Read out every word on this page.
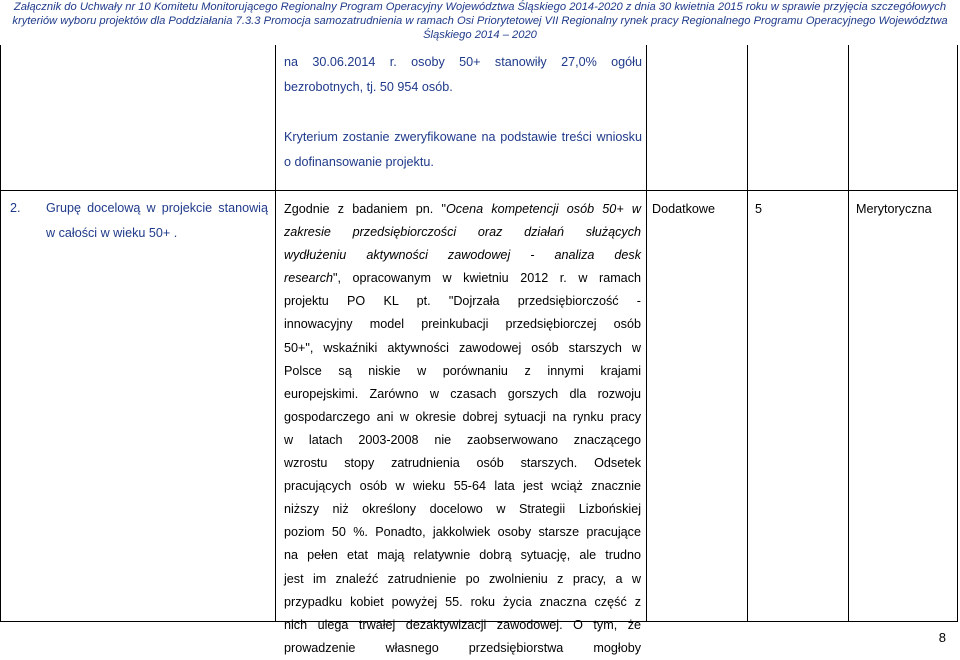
Załącznik do Uchwały nr 10 Komitetu Monitorującego Regionalny Program Operacyjny Województwa Śląskiego 2014-2020 z dnia 30 kwietnia 2015 roku w sprawie przyjęcia szczegółowych
kryteriów wyboru projektów dla Poddziałania 7.3.3 Promocja samozatrudnienia w ramach Osi Priorytetowej VII Regionalny rynek pracy Regionalnego Programu Operacyjnego Województwa
Śląskiego 2014 – 2020

na 30.06.2014 r. osoby 50+ stanowiły 27,0% ogółu bezrobotnych, tj. 50 954 osób.

Kryterium zostanie zweryfikowane na podstawie treści wniosku o dofinansowanie projektu.

2. Grupę docelową w projekcie stanowią w całości w wieku 50+ .
Zgodnie z badaniem pn. "Ocena kompetencji osób 50+ w
zakresie przedsiębiorczości oraz działań służących
wydłużeniu aktywności zawodowej - analiza desk
research", opracowanym w kwietniu 2012 r. w ramach
projektu PO KL pt. "Dojrzała przedsiębiorczość -
innowacyjny model preinkubacji przedsiębiorczej osób
50+", wskaźniki aktywności zawodowej osób starszych w
Polsce są niskie w porównaniu z innymi krajami
europejskimi. Zarówno w czasach gorszych dla rozwoju
gospodarczego ani w okresie dobrej sytuacji na rynku pracy
w latach 2003-2008 nie zaobserwowano znaczącego
wzrostu stopy zatrudnienia osób starszych. Odsetek
pracujących osób w wieku 55-64 lata jest wciąż znacznie
niższy niż określony docelowo w Strategii Lizbońskiej
poziom 50 %. Ponadto, jakkolwiek osoby starsze pracujące
na pełen etat mają relatywnie dobrą sytuację, ale trudno
jest im znaleźć zatrudnienie po zwolnieniu z pracy, a w
przypadku kobiet powyżej 55. roku życia znaczna część z
nich ulega trwałej dezaktywizacji zawodowej. O tym, że
prowadzenie własnego przedsiębiorstwa mogłoby
Dodatkowe	5	Merytoryczna
8
